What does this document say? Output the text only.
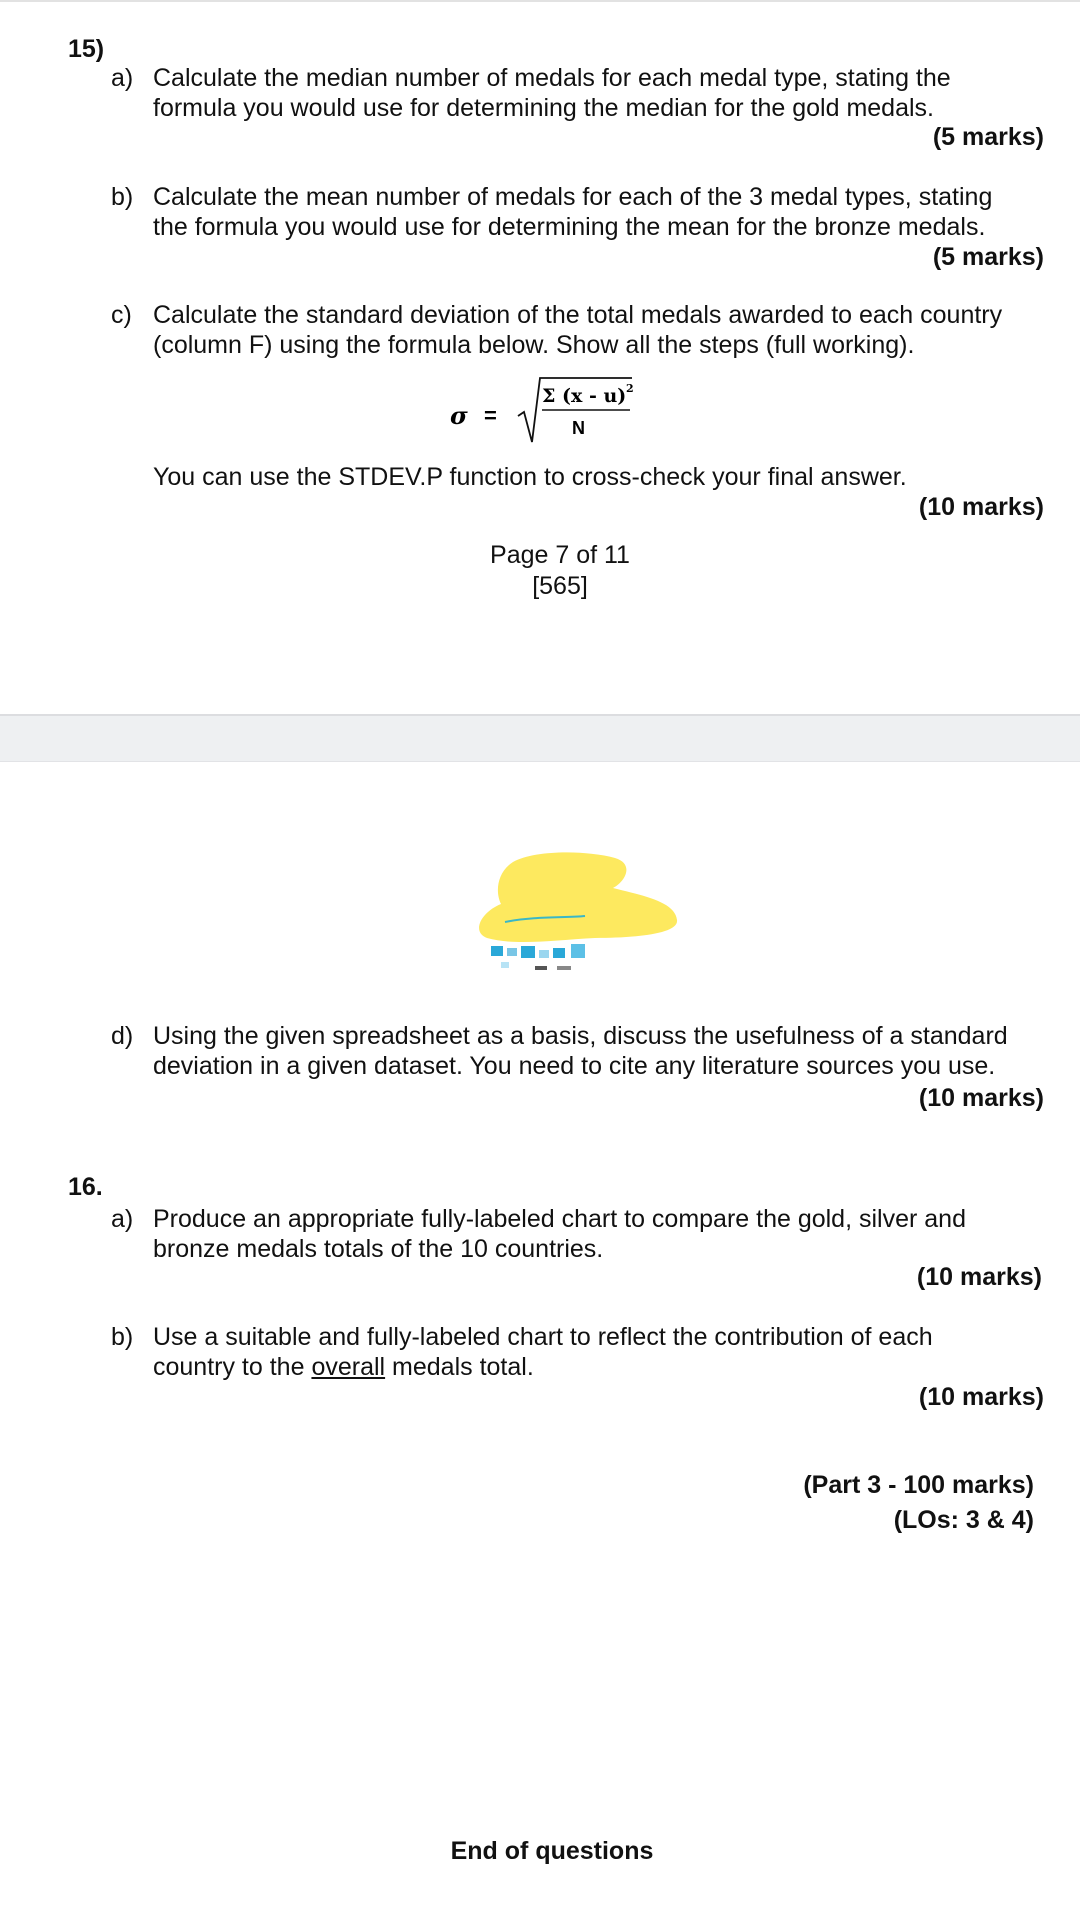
15)
a) Calculate the median number of medals for each medal type, stating the
formula you would use for determining the median for the gold medals.
(5 marks)
b) Calculate the mean number of medals for each of the 3 medal types, stating
the formula you would use for determining the mean for the bronze medals.
(5 marks)
c) Calculate the standard deviation of the total medals awarded to each country
(column F) using the formula below. Show all the steps (full working).
σ =
Σ (x - u) 2
N
You can use the STDEV.P function to cross-check your final answer.
(10 marks)
Page 7 of 11
[565]
d) Using the given spreadsheet as a basis, discuss the usefulness of a standard
deviation in a given dataset. You need to cite any literature sources you use.
(10 marks)
16.
a) Produce an appropriate fully-labeled chart to compare the gold, silver and
bronze medals totals of the 10 countries.
(10 marks)
b) Use a suitable and fully-labeled chart to reflect the contribution of each
country to the overall medals total.
(10 marks)
(Part 3 - 100 marks)
(LOs: 3 & 4)
End of questions
